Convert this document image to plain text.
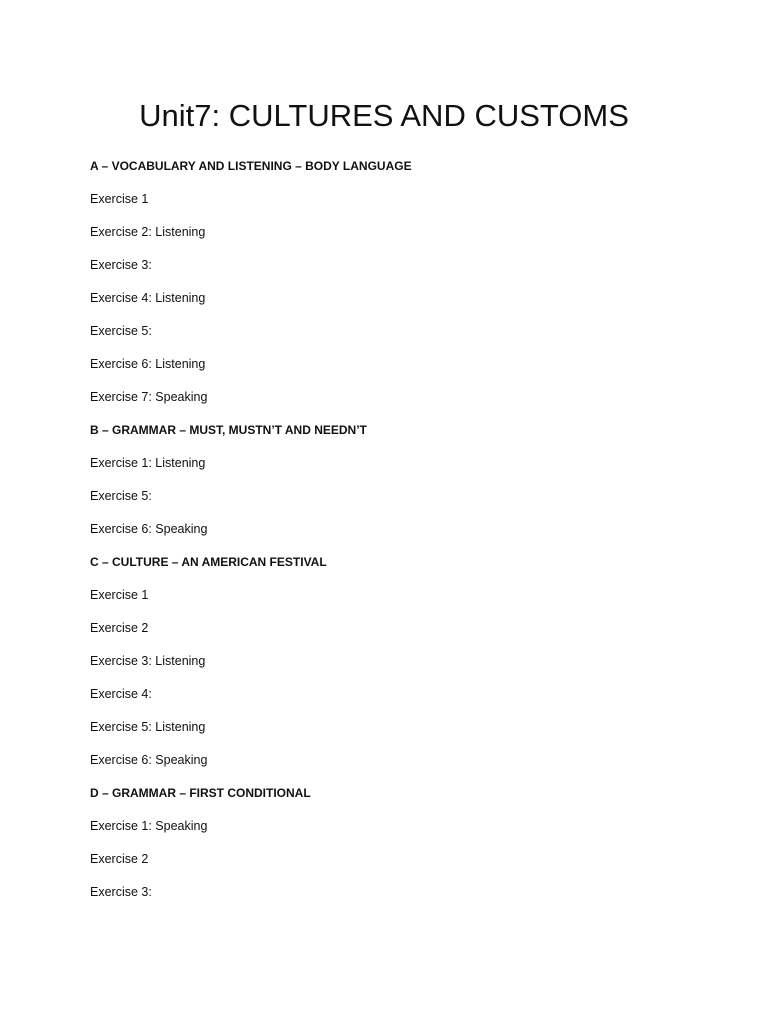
Unit7: CULTURES AND CUSTOMS
A – VOCABULARY AND LISTENING – BODY LANGUAGE
Exercise 1
Exercise 2: Listening
Exercise 3:
Exercise 4: Listening
Exercise 5:
Exercise 6: Listening
Exercise 7: Speaking
B – GRAMMAR – MUST, MUSTN’T AND NEEDN’T
Exercise 1: Listening
Exercise 5:
Exercise 6: Speaking
C – CULTURE – AN AMERICAN FESTIVAL
Exercise 1
Exercise 2
Exercise 3: Listening
Exercise 4:
Exercise 5: Listening
Exercise 6: Speaking
D – GRAMMAR – FIRST CONDITIONAL
Exercise 1: Speaking
Exercise 2
Exercise 3:
